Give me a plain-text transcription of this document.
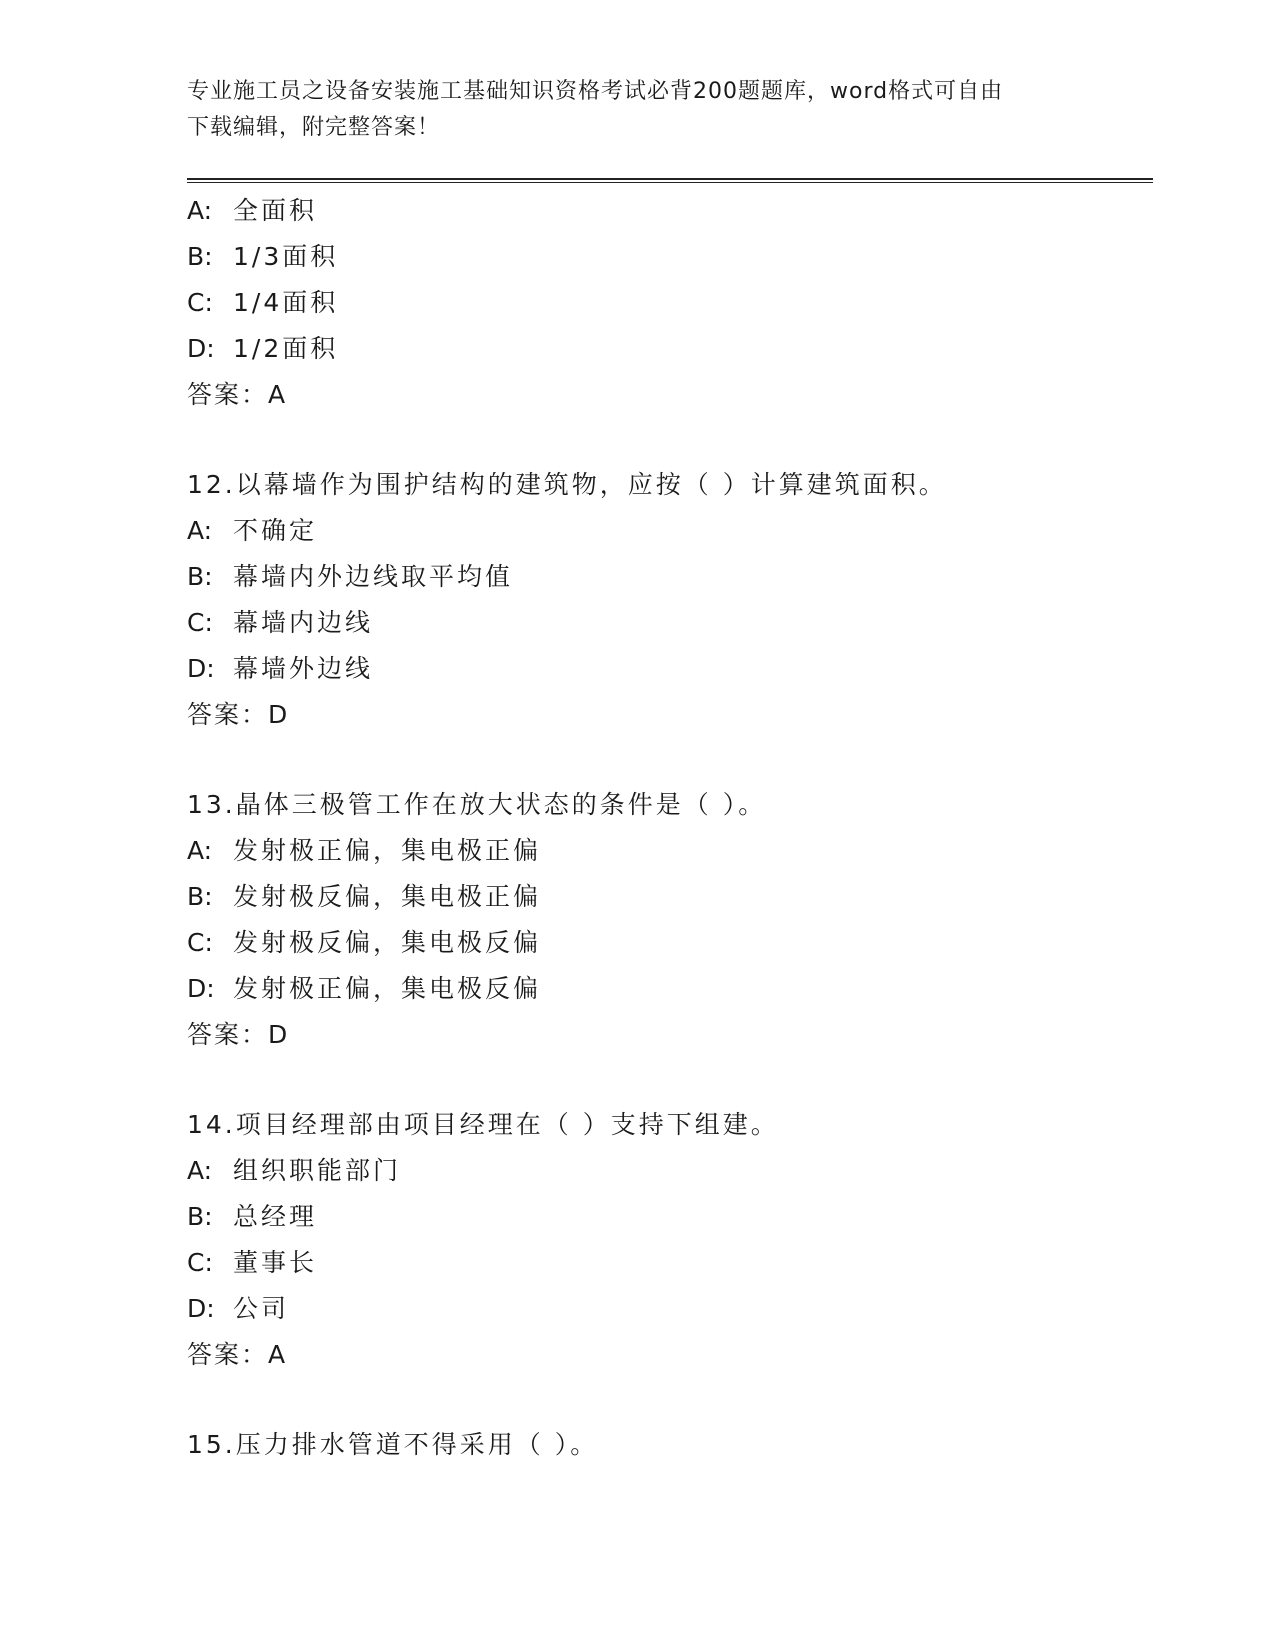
专业施工员之设备安装施工基础知识资格考试必背200题题库，word格式可自由
下载编辑，附完整答案！
A: 全面积
B: 1/3面积
C: 1/4面积
D: 1/2面积
答案：A
12.以幕墙作为围护结构的建筑物，应按（ ）计算建筑面积。
A: 不确定
B: 幕墙内外边线取平均值
C: 幕墙内边线
D: 幕墙外边线
答案：D
13.晶体三极管工作在放大状态的条件是（ ）。
A: 发射极正偏，集电极正偏
B: 发射极反偏，集电极正偏
C: 发射极反偏，集电极反偏
D: 发射极正偏，集电极反偏
答案：D
14.项目经理部由项目经理在（ ）支持下组建。
A: 组织职能部门
B: 总经理
C: 董事长
D: 公司
答案：A
15.压力排水管道不得采用（ ）。
